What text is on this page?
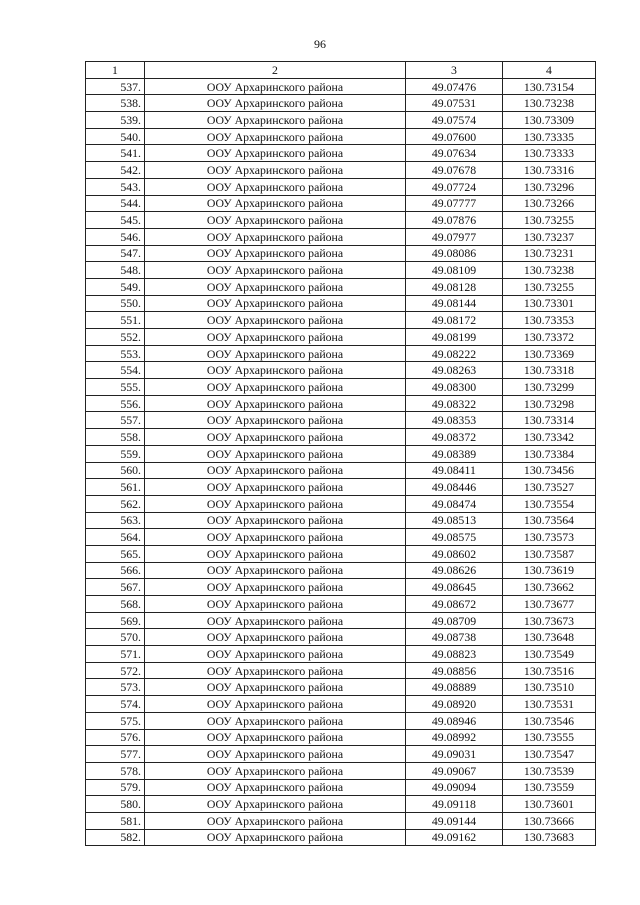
96
1	2	3	4
537.	ООУ Архаринского района	49.07476	130.73154
538.	ООУ Архаринского района	49.07531	130.73238
539.	ООУ Архаринского района	49.07574	130.73309
540.	ООУ Архаринского района	49.07600	130.73335
541.	ООУ Архаринского района	49.07634	130.73333
542.	ООУ Архаринского района	49.07678	130.73316
543.	ООУ Архаринского района	49.07724	130.73296
544.	ООУ Архаринского района	49.07777	130.73266
545.	ООУ Архаринского района	49.07876	130.73255
546.	ООУ Архаринского района	49.07977	130.73237
547.	ООУ Архаринского района	49.08086	130.73231
548.	ООУ Архаринского района	49.08109	130.73238
549.	ООУ Архаринского района	49.08128	130.73255
550.	ООУ Архаринского района	49.08144	130.73301
551.	ООУ Архаринского района	49.08172	130.73353
552.	ООУ Архаринского района	49.08199	130.73372
553.	ООУ Архаринского района	49.08222	130.73369
554.	ООУ Архаринского района	49.08263	130.73318
555.	ООУ Архаринского района	49.08300	130.73299
556.	ООУ Архаринского района	49.08322	130.73298
557.	ООУ Архаринского района	49.08353	130.73314
558.	ООУ Архаринского района	49.08372	130.73342
559.	ООУ Архаринского района	49.08389	130.73384
560.	ООУ Архаринского района	49.08411	130.73456
561.	ООУ Архаринского района	49.08446	130.73527
562.	ООУ Архаринского района	49.08474	130.73554
563.	ООУ Архаринского района	49.08513	130.73564
564.	ООУ Архаринского района	49.08575	130.73573
565.	ООУ Архаринского района	49.08602	130.73587
566.	ООУ Архаринского района	49.08626	130.73619
567.	ООУ Архаринского района	49.08645	130.73662
568.	ООУ Архаринского района	49.08672	130.73677
569.	ООУ Архаринского района	49.08709	130.73673
570.	ООУ Архаринского района	49.08738	130.73648
571.	ООУ Архаринского района	49.08823	130.73549
572.	ООУ Архаринского района	49.08856	130.73516
573.	ООУ Архаринского района	49.08889	130.73510
574.	ООУ Архаринского района	49.08920	130.73531
575.	ООУ Архаринского района	49.08946	130.73546
576.	ООУ Архаринского района	49.08992	130.73555
577.	ООУ Архаринского района	49.09031	130.73547
578.	ООУ Архаринского района	49.09067	130.73539
579.	ООУ Архаринского района	49.09094	130.73559
580.	ООУ Архаринского района	49.09118	130.73601
581.	ООУ Архаринского района	49.09144	130.73666
582.	ООУ Архаринского района	49.09162	130.73683
